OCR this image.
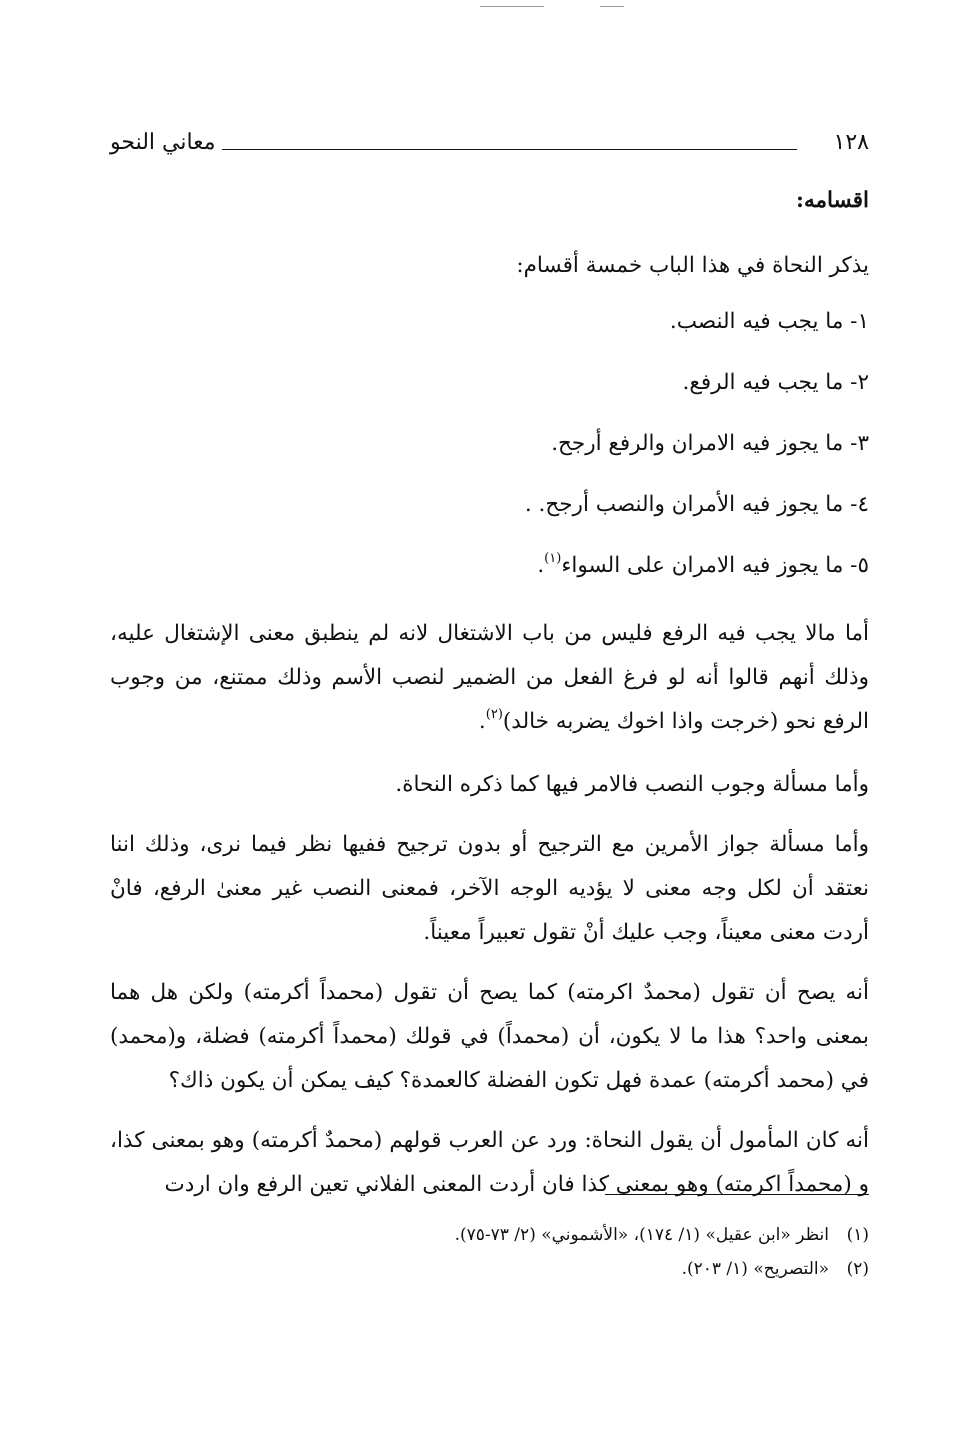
١٢٨
معاني النحو

اقسامه:

يذكر النحاة في هذا الباب خمسة أقسام:

١- ما يجب فيه النصب.

٢- ما يجب فيه الرفع.

٣- ما يجوز فيه الامران والرفع أرجح.

٤- ما يجوز فيه الأمران والنصب أرجح. .

٥- ما يجوز فيه الامران على السواء$^{(١)}$.

أما مالا يجب فيه الرفع فليس من باب الاشتغال لانه لم ينطبق معنى الإشتغال عليه، وذلك أنهم قالوا أنه لو فرغ الفعل من الضمير لنصب الأسم وذلك ممتنع، من وجوب الرفع نحو (خرجت واذا اخوك يضربه خالد)$^{(٢)}$.

وأما مسألة وجوب النصب فالامر فيها كما ذكره النحاة.

وأما مسألة جواز الأمرين مع الترجيح أو بدون ترجيح ففيها نظر فيما نرى، وذلك اننا نعتقد أن لكل وجه معنى لا يؤديه الوجه الآخر، فمعنى النصب غير معنىٰ الرفع، فانْ أردت معنى معيناً، وجب عليك أنْ تقول تعبيراً معيناً.

أنه يصح أن تقول (محمدٌ اكرمته) كما يصح أن تقول (محمداً أكرمته) ولكن هل هما بمعنى واحد؟ هذا ما لا يكون، أن (محمداً) في قولك (محمداً أكرمته) فضلة، و(محمد) في (محمد أكرمته) عمدة فهل تكون الفضلة كالعمدة؟ كيف يمكن أن يكون ذاك؟

أنه كان المأمول أن يقول النحاة: ورد عن العرب قولهم (محمدٌ أكرمته) وهو بمعنى كذا، و (محمداً اكرمته) وهو بمعنى كذا فان أردت المعنى الفلاني تعين الرفع وان اردت

(١)انظر «ابن عقيل» (١/ ١٧٤)، «الأشموني» (٢/ ٧٣-٧٥).
(٢)«التصريح» (١/ ٢٠٣).
